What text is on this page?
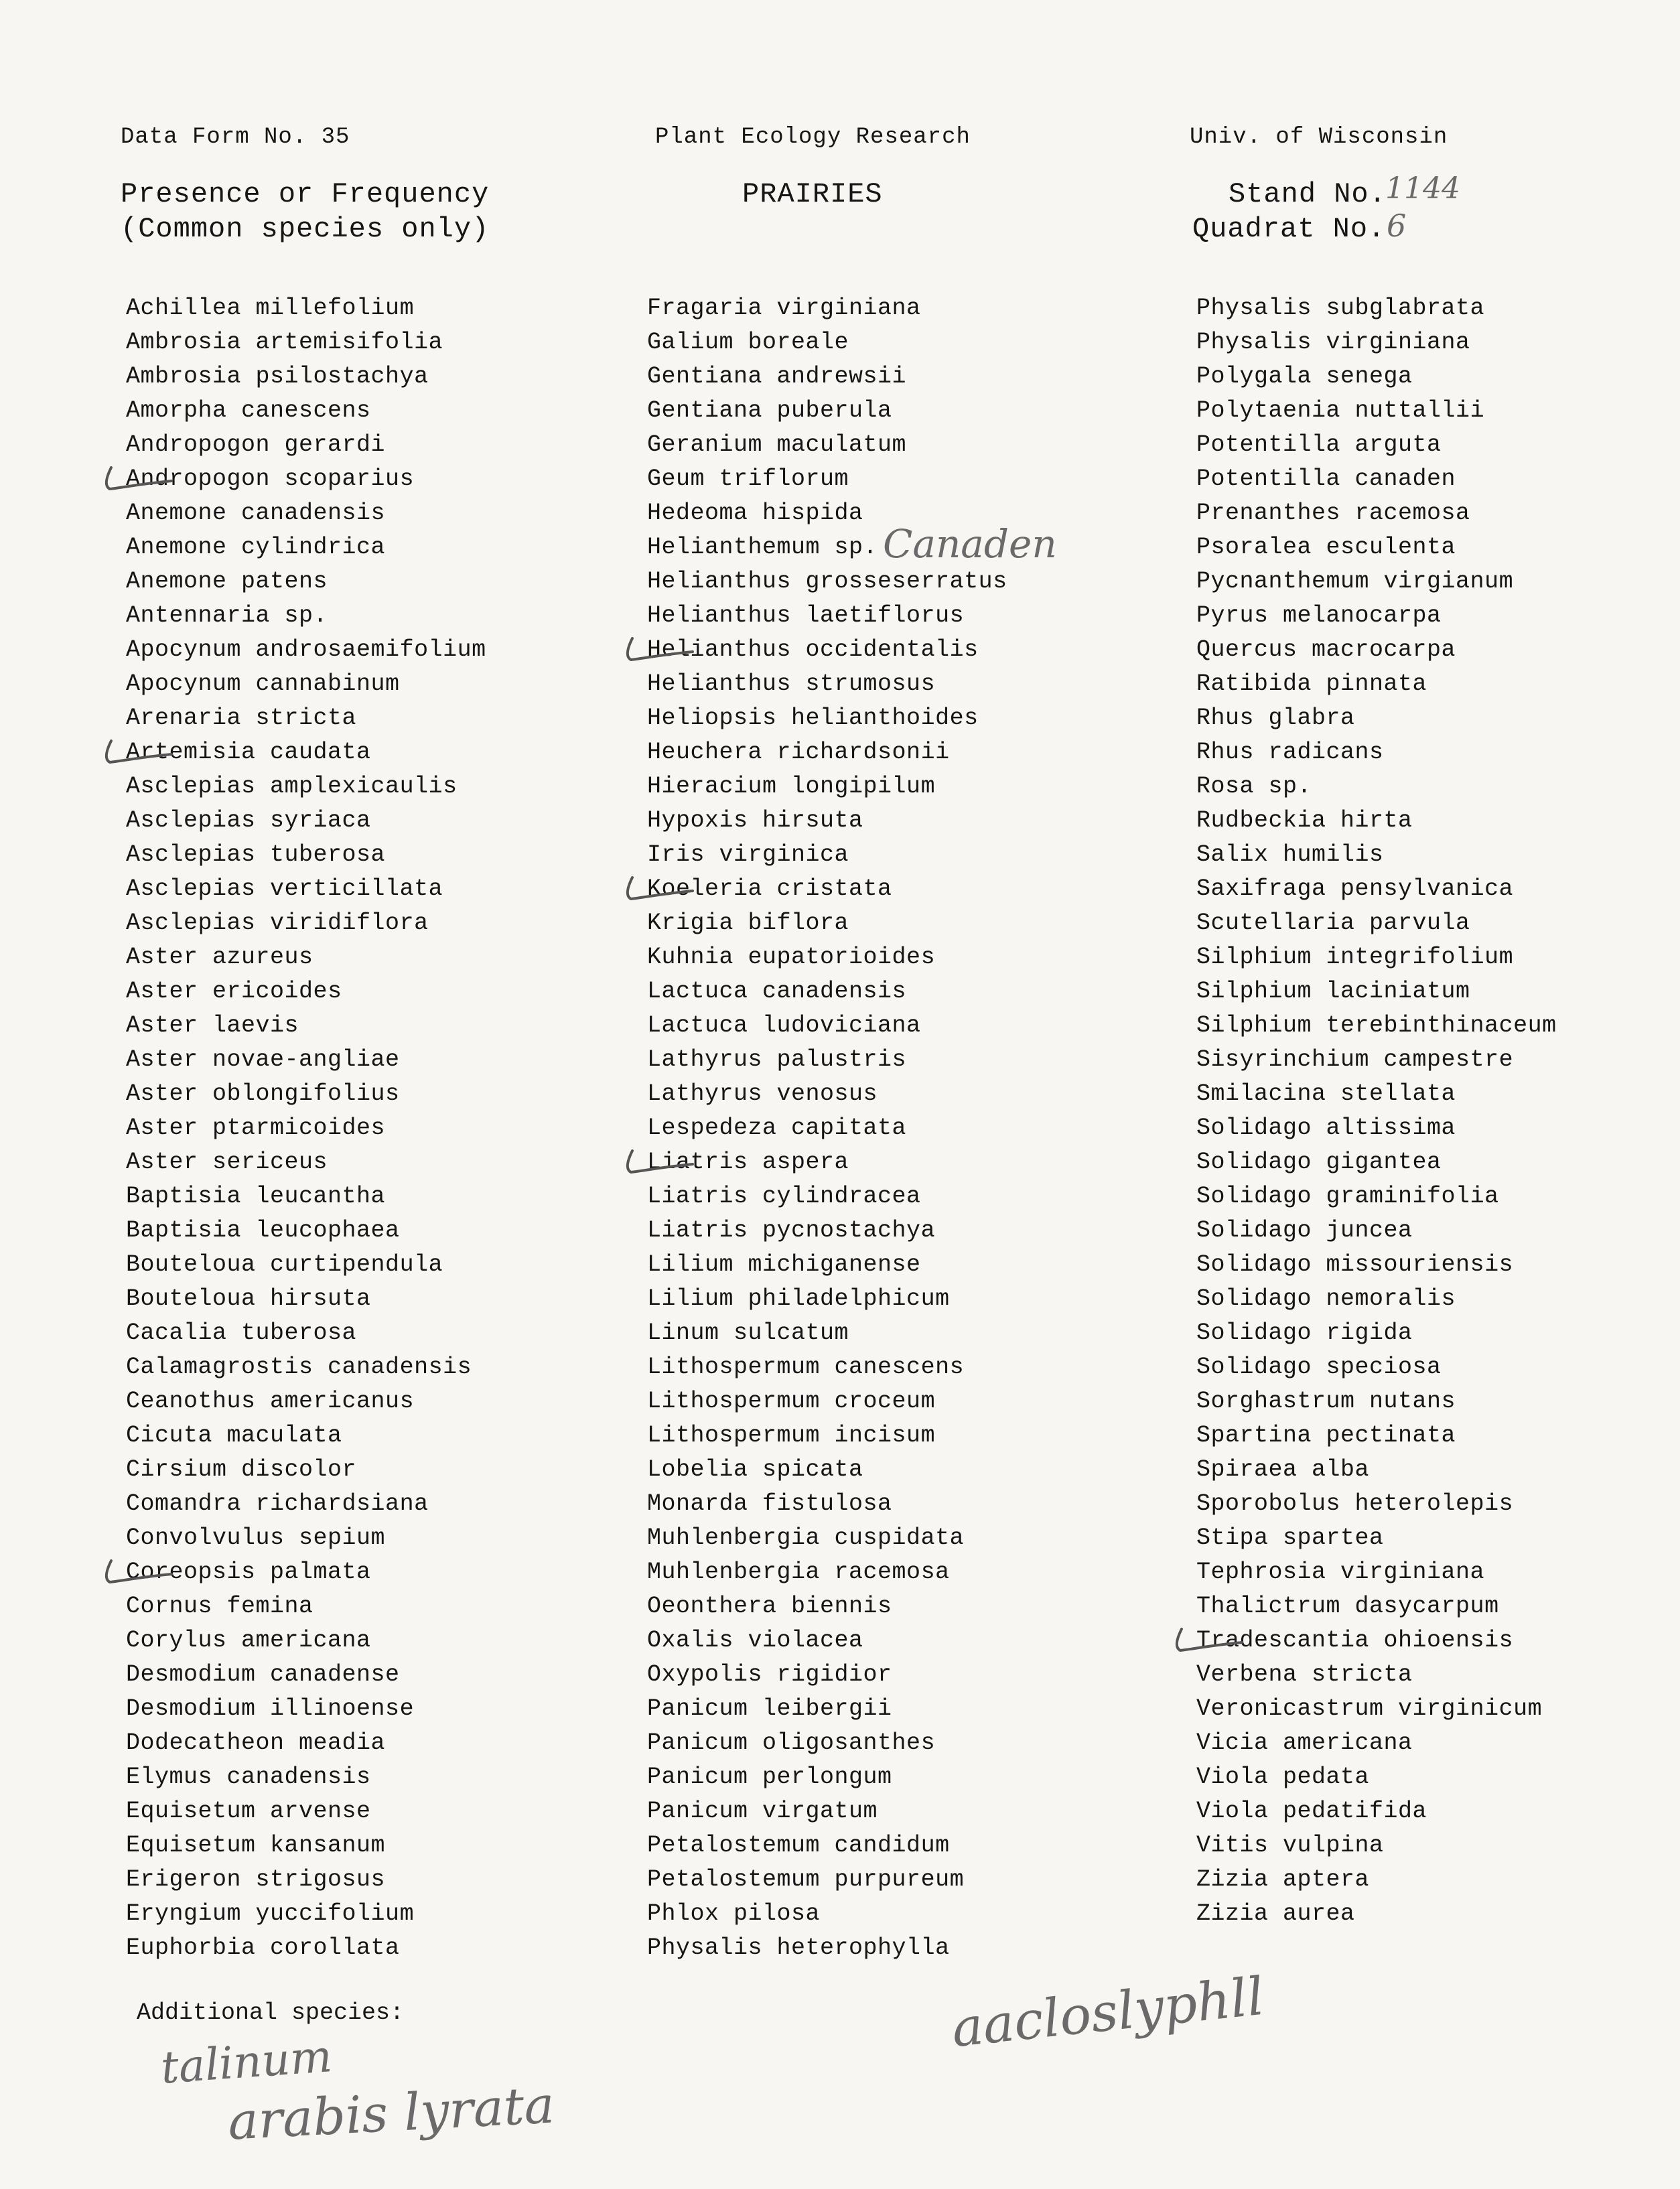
Data Form No. 35	Plant Ecology Research	Univ. of Wisconsin
Presence or Frequency
(Common species only)
PRAIRIES	Stand No.
1144
Quadrat No. 6
Achillea millefolium
Ambrosia artemisifolia
Ambrosia psilostachya
Amorpha canescens
Andropogon gerardi
Andropogon scoparius
Anemone canadensis
Anemone cylindrica
Anemone patens
Antennaria sp.
Apocynum androsaemifolium
Apocynum cannabinum
Arenaria stricta
Artemisia caudata
Asclepias amplexicaulis
Asclepias syriaca
Asclepias tuberosa
Asclepias verticillata
Asclepias viridiflora
Aster azureus
Aster ericoides
Aster laevis
Aster novae-angliae
Aster oblongifolius
Aster ptarmicoides
Aster sericeus
Baptisia leucantha
Baptisia leucophaea
Bouteloua curtipendula
Bouteloua hirsuta
Cacalia tuberosa
Calamagrostis canadensis
Ceanothus americanus
Cicuta maculata
Cirsium discolor
Comandra richardsiana
Convolvulus sepium
Coreopsis palmata
Cornus femina
Corylus americana
Desmodium canadense
Desmodium illinoense
Dodecatheon meadia
Elymus canadensis
Equisetum arvense
Equisetum kansanum
Erigeron strigosus
Eryngium yuccifolium
Euphorbia corollata
Fragaria virginiana
Galium boreale
Gentiana andrewsii
Gentiana puberula
Geranium maculatum
Geum triflorum
Hedeoma hispida
Helianthemum sp.
Helianthus grosseserratus
Helianthus laetiflorus
Helianthus occidentalis
Helianthus strumosus
Heliopsis helianthoides
Heuchera richardsonii
Hieracium longipilum
Hypoxis hirsuta
Iris virginica
Koeleria cristata
Krigia biflora
Kuhnia eupatorioides
Lactuca canadensis
Lactuca ludoviciana
Lathyrus palustris
Lathyrus venosus
Lespedeza capitata
Liatris aspera
Liatris cylindracea
Liatris pycnostachya
Lilium michiganense
Lilium philadelphicum
Linum sulcatum
Lithospermum canescens
Lithospermum croceum
Lithospermum incisum
Lobelia spicata
Monarda fistulosa
Muhlenbergia cuspidata
Muhlenbergia racemosa
Oeonthera biennis
Oxalis violacea
Oxypolis rigidior
Panicum leibergii
Panicum oligosanthes
Panicum perlongum
Panicum virgatum
Petalostemum candidum
Petalostemum purpureum
Phlox pilosa
Physalis heterophylla
Physalis subglabrata
Physalis virginiana
Polygala senega
Polytaenia nuttallii
Potentilla arguta
Potentilla canaden
Prenanthes racemosa
Psoralea esculenta
Pycnanthemum virgianum
Pyrus melanocarpa
Quercus macrocarpa
Ratibida pinnata
Rhus glabra
Rhus radicans
Rosa sp.
Rudbeckia hirta
Salix humilis
Saxifraga pensylvanica
Scutellaria parvula
Silphium integrifolium
Silphium laciniatum
Silphium terebinthinaceum
Sisyrinchium campestre
Smilacina stellata
Solidago altissima
Solidago gigantea
Solidago graminifolia
Solidago juncea
Solidago missouriensis
Solidago nemoralis
Solidago rigida
Solidago speciosa
Sorghastrum nutans
Spartina pectinata
Spiraea alba
Sporobolus heterolepis
Stipa spartea
Tephrosia virginiana
Thalictrum dasycarpum
Tradescantia ohioensis
Verbena stricta
Veronicastrum virginicum
Vicia americana
Viola pedata
Viola pedatifida
Vitis vulpina
Zizia aptera
Zizia aurea
Canaden
Additional species:
talinum
arabis lyrata
aacloslyphll
